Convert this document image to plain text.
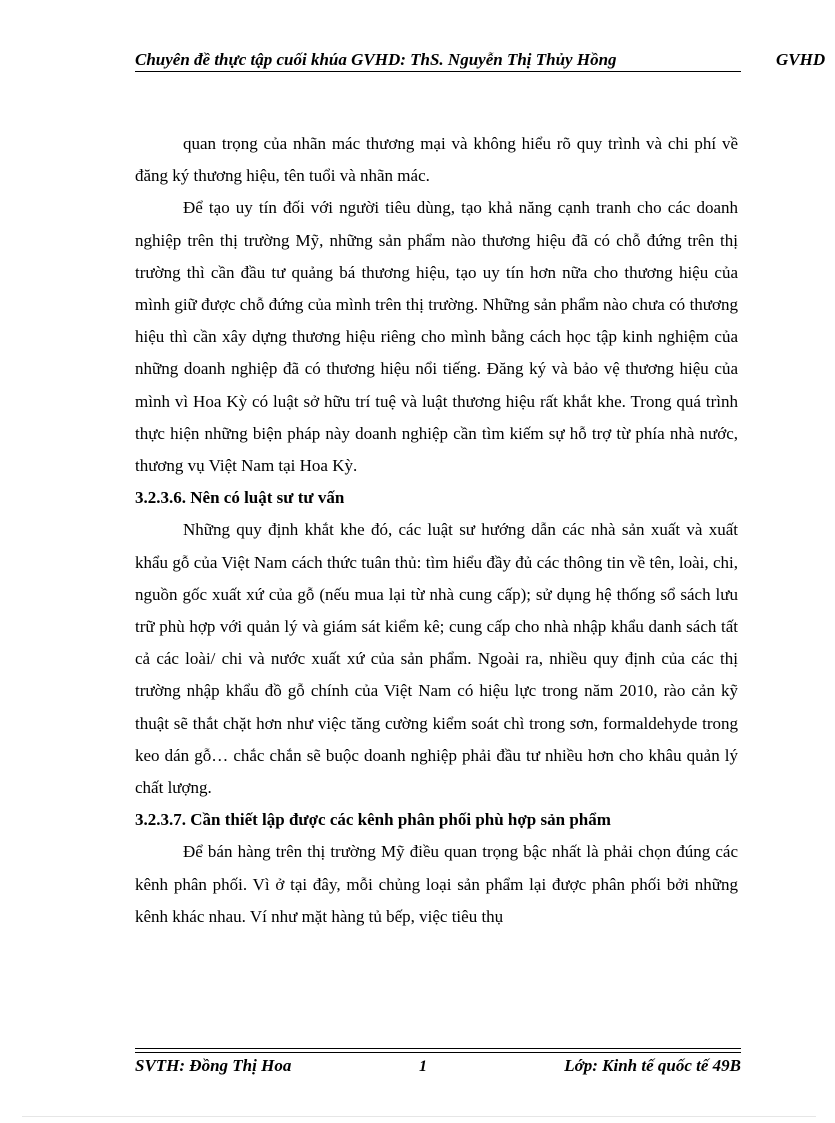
Chuyên đề thực tập cuối khúa GVHD: ThS. Nguyễn Thị Thủy Hồng	GVHD

quan trọng của nhãn mác thương mại và không hiểu rõ quy trình và chi phí về đăng ký thương hiệu, tên tuổi và nhãn mác.

Để tạo uy tín đối với người tiêu dùng, tạo khả năng cạnh tranh cho các doanh nghiệp trên thị trường Mỹ, những sản phẩm nào thương hiệu đã có chỗ đứng trên thị trường thì cần đầu tư quảng bá thương hiệu, tạo uy tín hơn nữa cho thương hiệu của mình giữ được chỗ đứng của mình trên thị trường. Những sản phẩm nào chưa có thương hiệu thì cần xây dựng thương hiệu riêng cho mình bằng cách học tập kinh nghiệm của những doanh nghiệp đã có thương hiệu nổi tiếng. Đăng ký và bảo vệ thương hiệu của mình vì Hoa Kỳ có luật sở hữu trí tuệ và luật thương hiệu rất khắt khe. Trong quá trình thực hiện những biện pháp này doanh nghiệp cần tìm kiếm sự hỗ trợ từ phía nhà nước, thương vụ Việt Nam tại Hoa Kỳ.

3.2.3.6. Nên có luật sư tư vấn

Những quy định khắt khe đó, các luật sư hướng dẫn các nhà sản xuất và xuất khẩu gỗ của Việt Nam cách thức tuân thủ: tìm hiểu đầy đủ các thông tin về tên, loài, chi, nguồn gốc xuất xứ của gỗ (nếu mua lại từ nhà cung cấp); sử dụng hệ thống sổ sách lưu trữ phù hợp với quản lý và giám sát kiểm kê; cung cấp cho nhà nhập khẩu danh sách tất cả các loài/ chi và nước xuất xứ của sản phẩm. Ngoài ra, nhiều quy định của các thị trường nhập khẩu đồ gỗ chính của Việt Nam có hiệu lực trong năm 2010, rào cản kỹ thuật sẽ thắt chặt hơn như việc tăng cường kiểm soát chì trong sơn, formaldehyde trong keo dán gỗ… chắc chắn sẽ buộc doanh nghiệp phải đầu tư nhiều hơn cho khâu quản lý chất lượng.

3.2.3.7. Cần thiết lập được các kênh phân phối phù hợp sản phẩm

Để bán hàng trên thị trường Mỹ điều quan trọng bậc nhất là phải chọn đúng các kênh phân phối. Vì ở tại đây, mỗi chủng loại sản phẩm lại được phân phối bởi những kênh khác nhau. Ví như mặt hàng tủ bếp, việc tiêu thụ

SVTH: Đồng Thị Hoa	1	Lớp: Kinh tế quốc tế 49B
